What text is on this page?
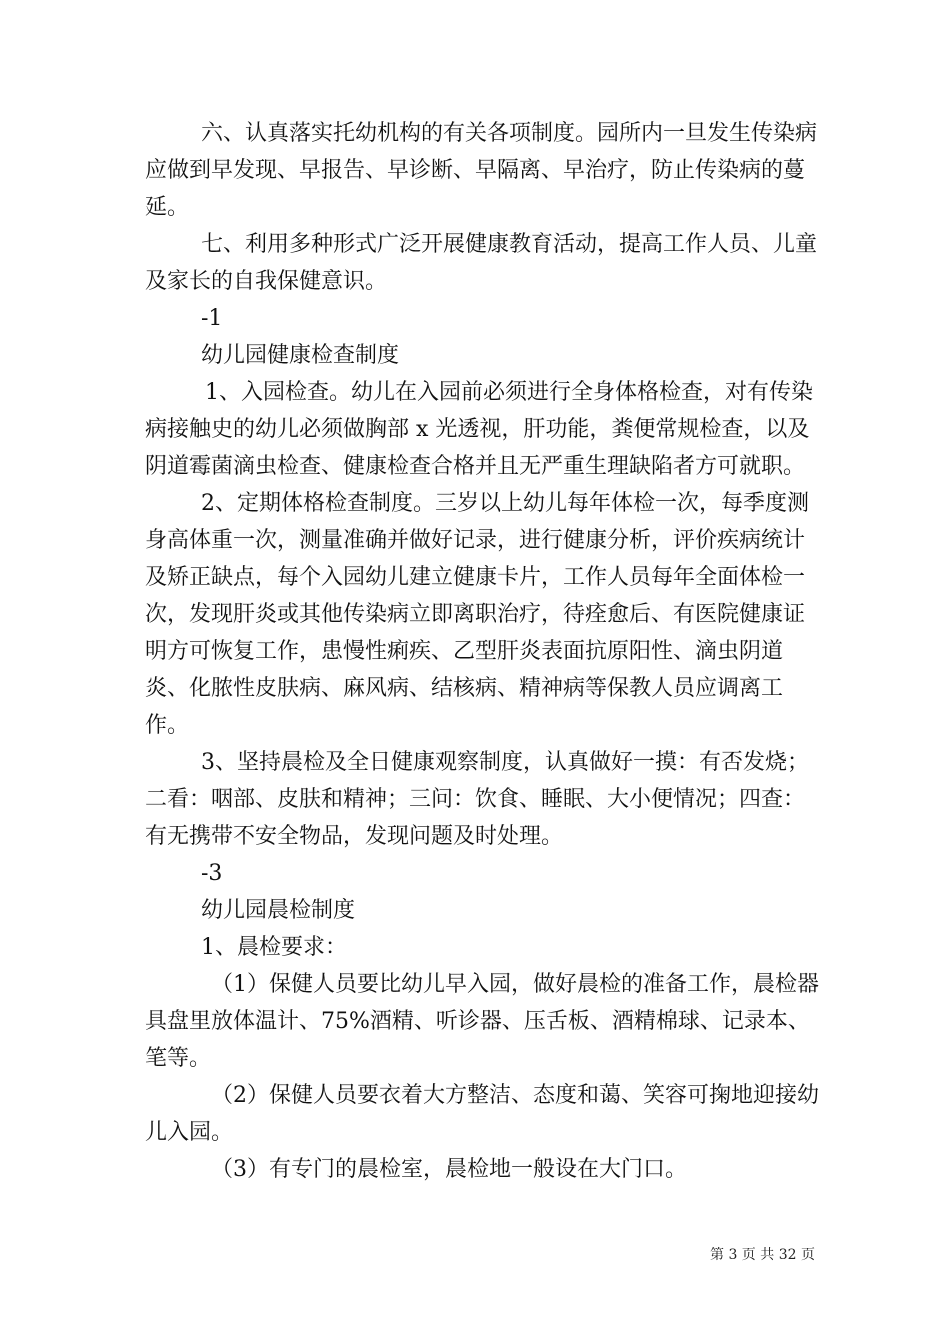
六、认真落实托幼机构的有关各项制度。园所内一旦发生传染病应做到早发现、早报告、早诊断、早隔离、早治疗，防止传染病的蔓延。

七、利用多种形式广泛开展健康教育活动，提高工作人员、儿童及家长的自我保健意识。

-1

幼儿园健康检查制度

1、入园检查。幼儿在入园前必须进行全身体格检查，对有传染病接触史的幼儿必须做胸部 x 光透视，肝功能，粪便常规检查，以及阴道霉菌滴虫检查、健康检查合格并且无严重生理缺陷者方可就职。

2、定期体格检查制度。三岁以上幼儿每年体检一次，每季度测身高体重一次，测量准确并做好记录，进行健康分析，评价疾病统计及矫正缺点，每个入园幼儿建立健康卡片，工作人员每年全面体检一次，发现肝炎或其他传染病立即离职治疗，待痊愈后、有医院健康证明方可恢复工作，患慢性痢疾、乙型肝炎表面抗原阳性、滴虫阴道炎、化脓性皮肤病、麻风病、结核病、精神病等保教人员应调离工作。

3、坚持晨检及全日健康观察制度，认真做好一摸：有否发烧；二看：咽部、皮肤和精神；三问：饮食、睡眠、大小便情况；四查：有无携带不安全物品，发现问题及时处理。

-3

幼儿园晨检制度

1、晨检要求：

（1）保健人员要比幼儿早入园，做好晨检的准备工作，晨检器具盘里放体温计、75%酒精、听诊器、压舌板、酒精棉球、记录本、笔等。

（2）保健人员要衣着大方整洁、态度和蔼、笑容可掬地迎接幼儿入园。

（3）有专门的晨检室，晨检地一般设在大门口。

第 3 页 共 32 页
